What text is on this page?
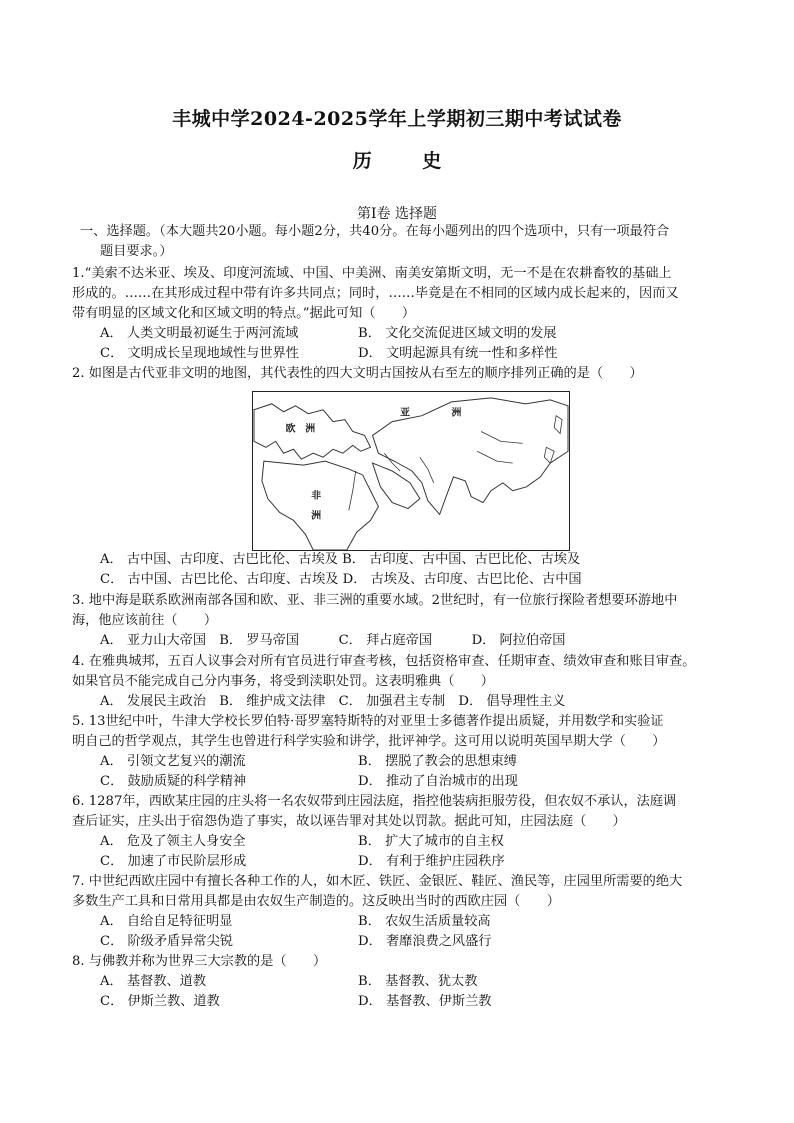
丰城中学2024-2025学年上学期初三期中考试试卷
历 史
第Ⅰ卷 选择题
一、选择题。（本大题共20小题。每小题2分，共40分。在每小题列出的四个选项中，只有一项最符合
题目要求。）
1.“美索不达米亚、埃及、印度河流域、中国、中美洲、南美安第斯文明，无一不是在农耕畜牧的基础上
形成的。……在其形成过程中带有许多共同点；同时，……毕竟是在不相同的区域内成长起来的，因而又
带有明显的区域文化和区域文明的特点。”据此可知（　　）
A． 人类文明最初诞生于两河流域	B． 文化交流促进区域文明的发展
C． 文明成长呈现地域性与世界性	D． 文明起源具有统一性和多样性
2. 如图是古代亚非文明的地图，其代表性的四大文明古国按从右至左的顺序排列正确的是（　　）
亚	洲
欧　洲
非
洲
A． 古中国、古印度、古巴比伦、古埃及 B． 古印度、古中国、古巴比伦、古埃及
C． 古中国、古巴比伦、古印度、古埃及 D． 古埃及、古印度、古巴比伦、古中国
3. 地中海是联系欧洲南部各国和欧、亚、非三洲的重要水域。2世纪时，有一位旅行探险者想要环游地中
海，他应该前往（　　）
A． 亚力山大帝国　B． 罗马帝国　　　C． 拜占庭帝国　　　D． 阿拉伯帝国
4. 在雅典城邦，五百人议事会对所有官员进行审查考核，包括资格审查、任期审查、绩效审查和账目审查。
如果官员不能完成自己分内事务，将受到渎职处罚。这表明雅典（　　）
A． 发展民主政治　B． 维护成文法律　C． 加强君主专制　D． 倡导理性主义
5. 13世纪中叶，牛津大学校长罗伯特·哥罗塞特斯特的对亚里士多德著作提出质疑，并用数学和实验证
明自己的哲学观点，其学生也曾进行科学实验和讲学，批评神学。这可用以说明英国早期大学（　　）
A． 引领文艺复兴的潮流	B． 摆脱了教会的思想束缚
C． 鼓励质疑的科学精神	D． 推动了自治城市的出现
6. 1287年，西欧某庄园的庄头将一名农奴带到庄园法庭，指控他装病拒服劳役，但农奴不承认，法庭调
查后证实，庄头出于宿怨伪造了事实，故以诬告罪对其处以罚款。据此可知，庄园法庭（　　）
A． 危及了领主人身安全	B． 扩大了城市的自主权
C． 加速了市民阶层形成	D． 有利于维护庄园秩序
7. 中世纪西欧庄园中有擅长各种工作的人，如木匠、铁匠、金银匠、鞋匠、渔民等，庄园里所需要的绝大
多数生产工具和日常用具都是由农奴生产制造的。这反映出当时的西欧庄园（　　）
A． 自给自足特征明显	B． 农奴生活质量较高
C． 阶级矛盾异常尖锐	D． 奢靡浪费之风盛行
8. 与佛教并称为世界三大宗教的是（　　）
A． 基督教、道教	B． 基督教、犹太教
C． 伊斯兰教、道教	D． 基督教、伊斯兰教
